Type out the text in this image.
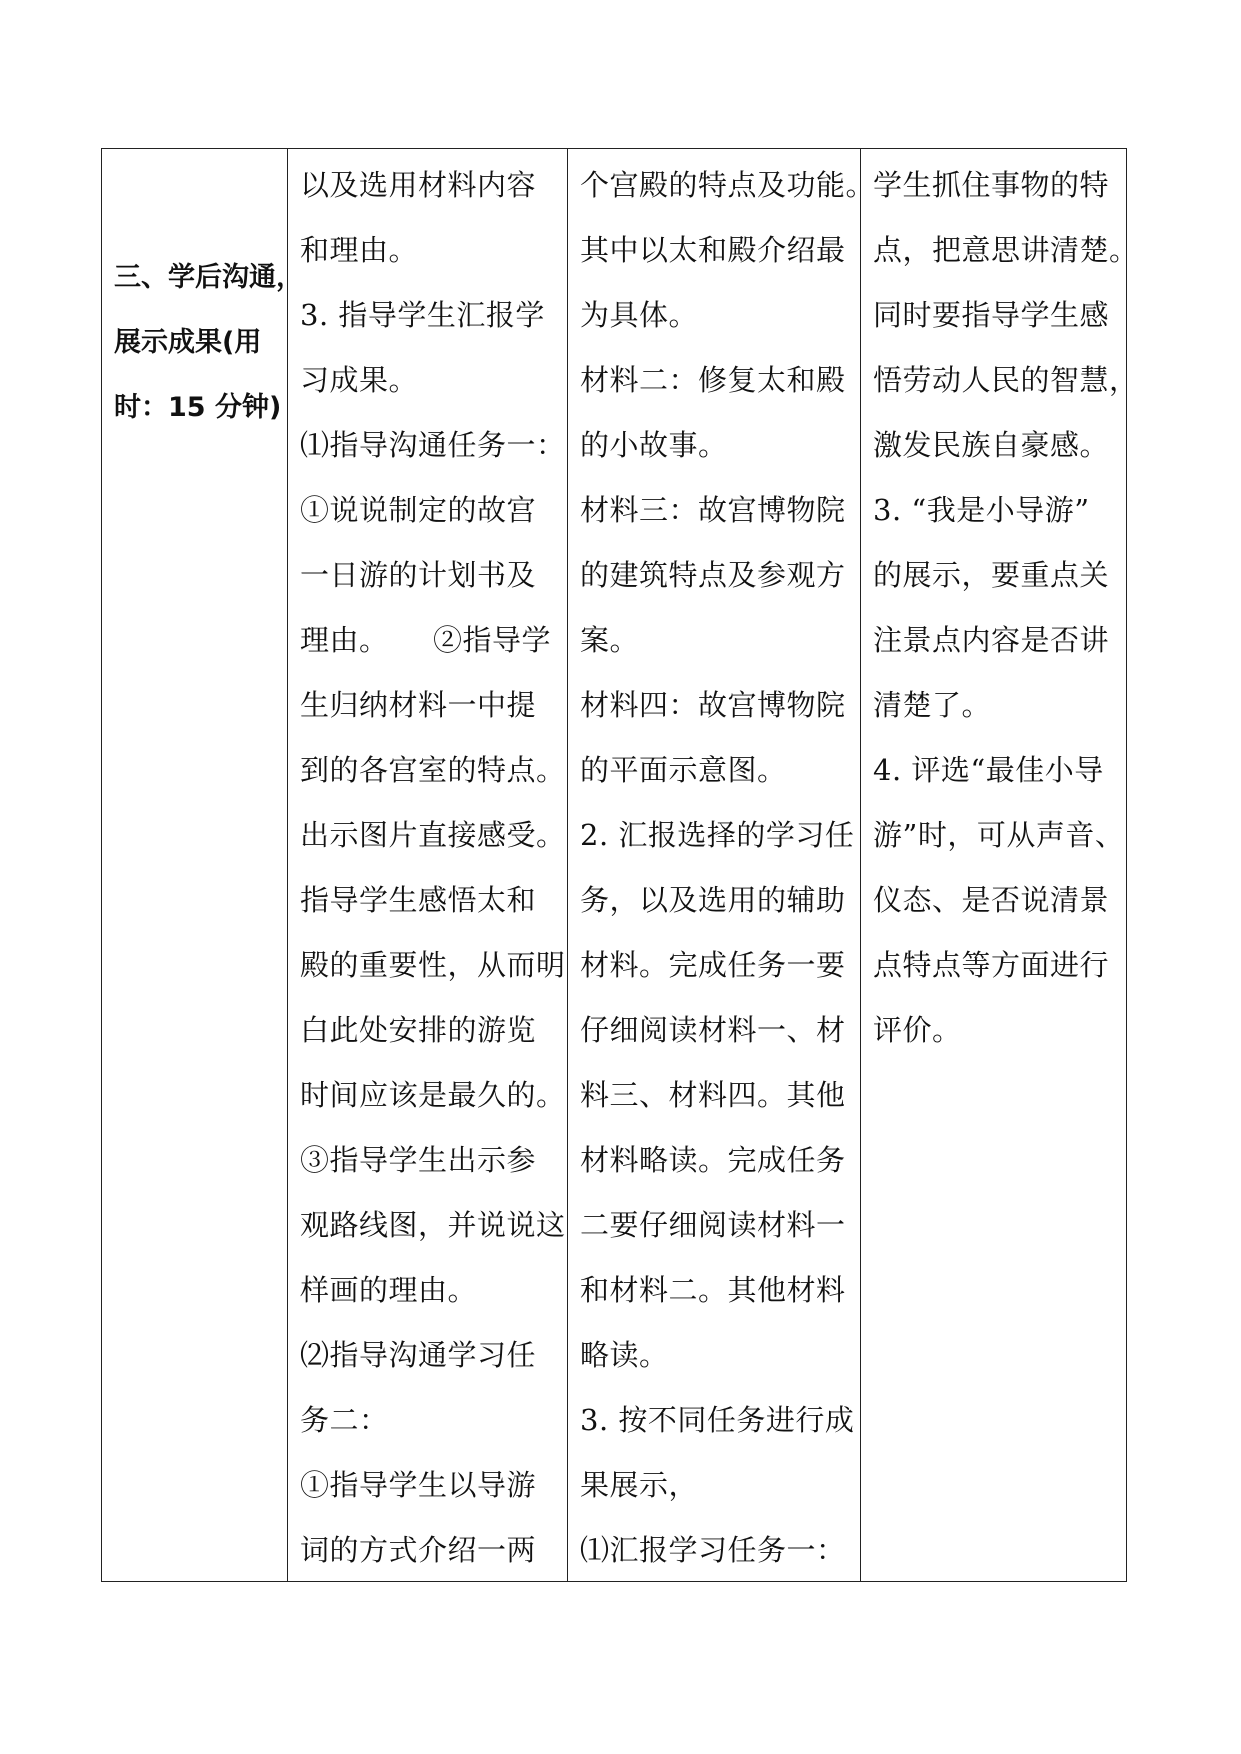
三、学后沟通，
展示成果(用
时：15 分钟)
以及选用材料内容
和理由。
3. 指导学生汇报学
习成果。
⑴指导沟通任务一：
①说说制定的故宫
一日游的计划书及
理由。　　②指导学
生归纳材料一中提
到的各宫室的特点。
出示图片直接感受。
指导学生感悟太和
殿的重要性，从而明
白此处安排的游览
时间应该是最久的。
③指导学生出示参
观路线图，并说说这
样画的理由。
⑵指导沟通学习任
务二：
①指导学生以导游
词的方式介绍一两
个宫殿的特点及功能。
其中以太和殿介绍最
为具体。
材料二：修复太和殿
的小故事。
材料三：故宫博物院
的建筑特点及参观方
案。
材料四：故宫博物院
的平面示意图。
2. 汇报选择的学习任
务，以及选用的辅助
材料。完成任务一要
仔细阅读材料一、材
料三、材料四。其他
材料略读。完成任务
二要仔细阅读材料一
和材料二。其他材料
略读。
3. 按不同任务进行成
果展示，
⑴汇报学习任务一：
学生抓住事物的特
点，把意思讲清楚。
同时要指导学生感
悟劳动人民的智慧，
激发民族自豪感。
3. “我是小导游”
的展示，要重点关
注景点内容是否讲
清楚了。
4. 评选“最佳小导
游”时，可从声音、
仪态、是否说清景
点特点等方面进行
评价。
